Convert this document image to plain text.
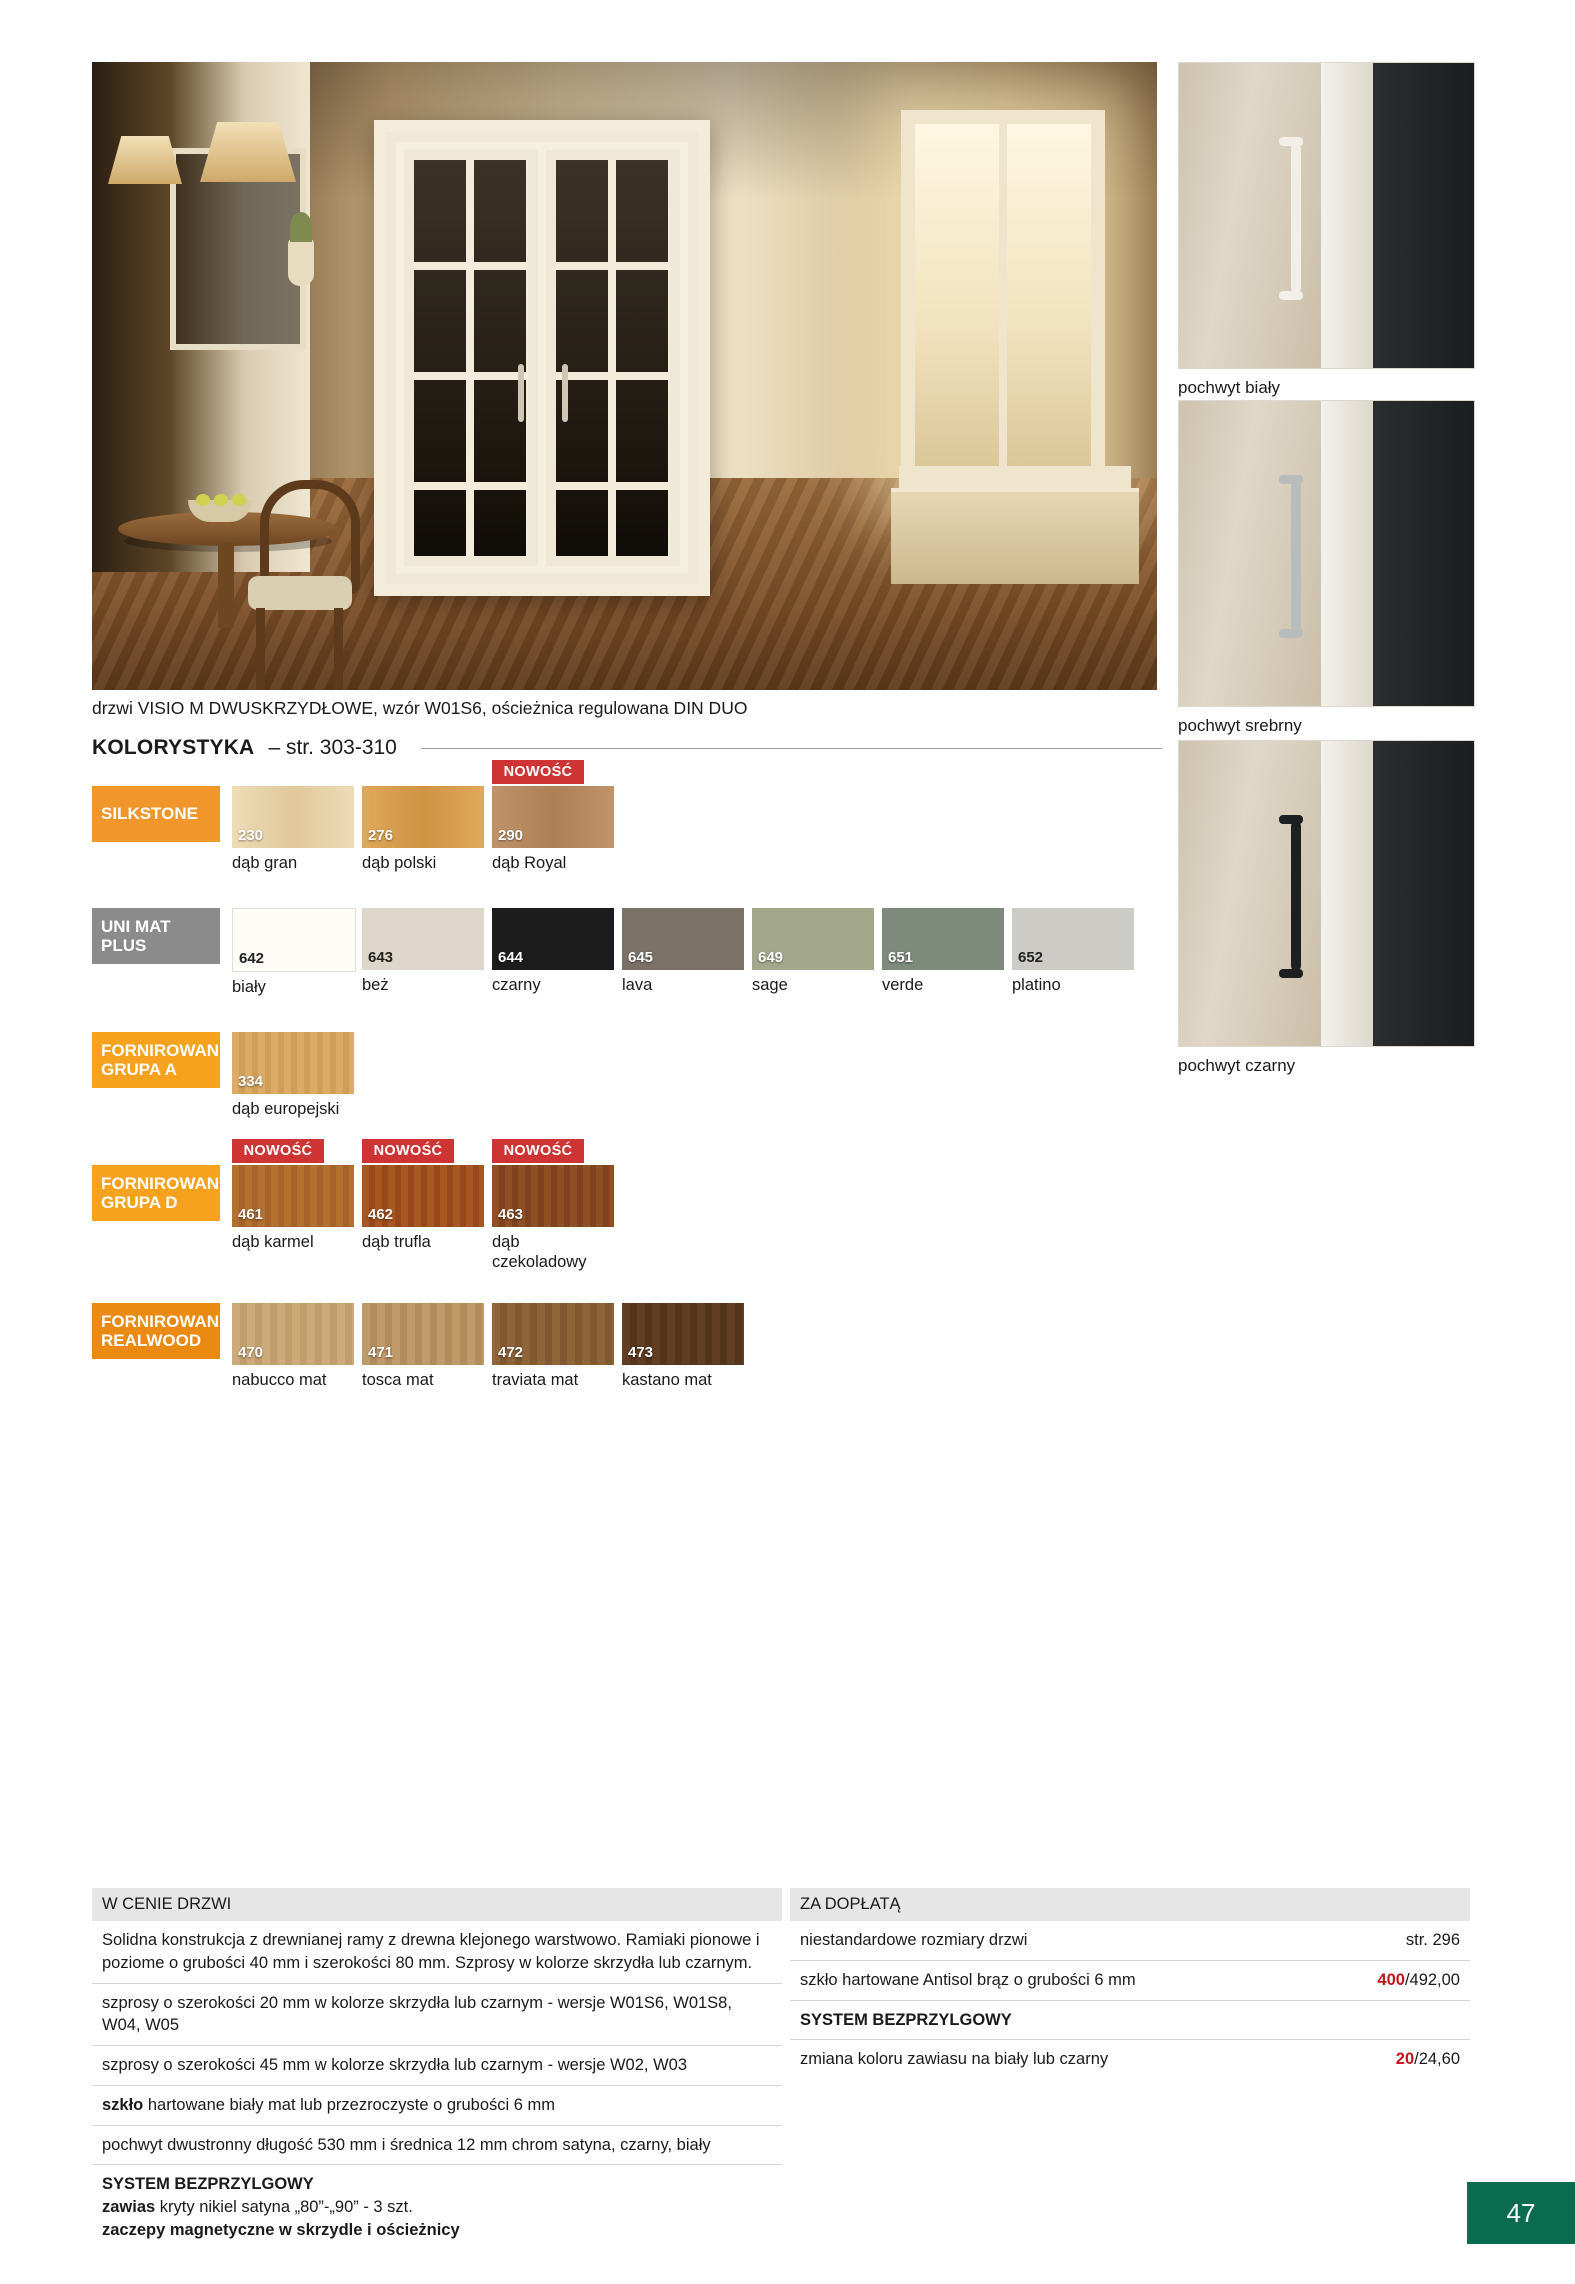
drzwi VISIO M DWUSKRZYDŁOWE, wzór W01S6, ościeżnica regulowana DIN DUO
pochwyt biały
pochwyt srebrny
pochwyt czarny
KOLORYSTYKA – str. 303-310
SILKSTONE
230
dąb gran
276
dąb polski
NOWOŚĆ
290
dąb Royal
UNI MAT
PLUS
642
biały
643
beż
644
czarny
645
lava
649
sage
651
verde
652
platino
FORNIROWANE
GRUPA A
334
dąb europejski
FORNIROWANE
GRUPA D
NOWOŚĆ
461
dąb karmel
NOWOŚĆ
462
dąb trufla
NOWOŚĆ
463
dąb czekoladowy
FORNIROWANE
REALWOOD
470
nabucco mat
471
tosca mat
472
traviata mat
473
kastano mat
W CENIE DRZWI
Solidna konstrukcja z drewnianej ramy z drewna klejonego warstwowo. Ramiaki pionowe i poziome o grubości 40 mm i szerokości 80 mm. Szprosy w kolorze skrzydła lub czarnym.
szprosy o szerokości 20 mm w kolorze skrzydła lub czarnym - wersje W01S6, W01S8, W04, W05
szprosy o szerokości 45 mm w kolorze skrzydła lub czarnym - wersje W02, W03
szkło hartowane biały mat lub przezroczyste o grubości 6 mm
pochwyt dwustronny długość 530 mm i średnica 12 mm chrom satyna, czarny, biały
SYSTEM BEZPRZYLGOWY
zawias kryty nikiel satyna „80”-„90” - 3 szt.
zaczepy magnetyczne w skrzydle i ościeżnicy
ZA DOPŁATĄ
niestandardowe rozmiary drzwi	str. 296
szkło hartowane Antisol brąz o grubości 6 mm	400/492,00
SYSTEM BEZPRZYLGOWY
zmiana koloru zawiasu na biały lub czarny	20/24,60
47
